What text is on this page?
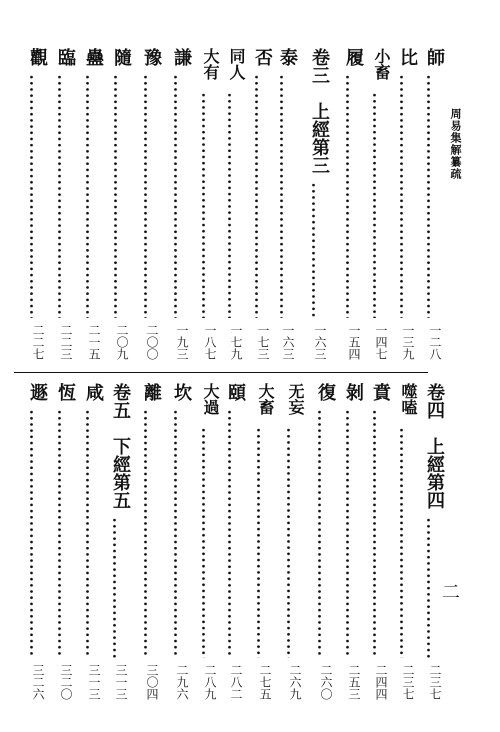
周易集解纂疏
二
師
一二八
比
一三九
小畜
一四七
履
一五四
卷三　上經第三
一六三
泰
一六三
否
一七三
同人
一七九
大有
一八七
謙
一九三
豫
二〇〇
隨
二〇九
蠱
二一五
臨
二二三
觀
二二七
卷四　上經第四
二三七
噬嗑
二三七
賁
二四四
剝
二五三
復
二六〇
无妄
二六九
大畜
二七五
頤
二八二
大過
二八九
坎
二九六
離
三〇四
卷五　下經第五
三一三
咸
三一三
恆
三二〇
遯
三二六
